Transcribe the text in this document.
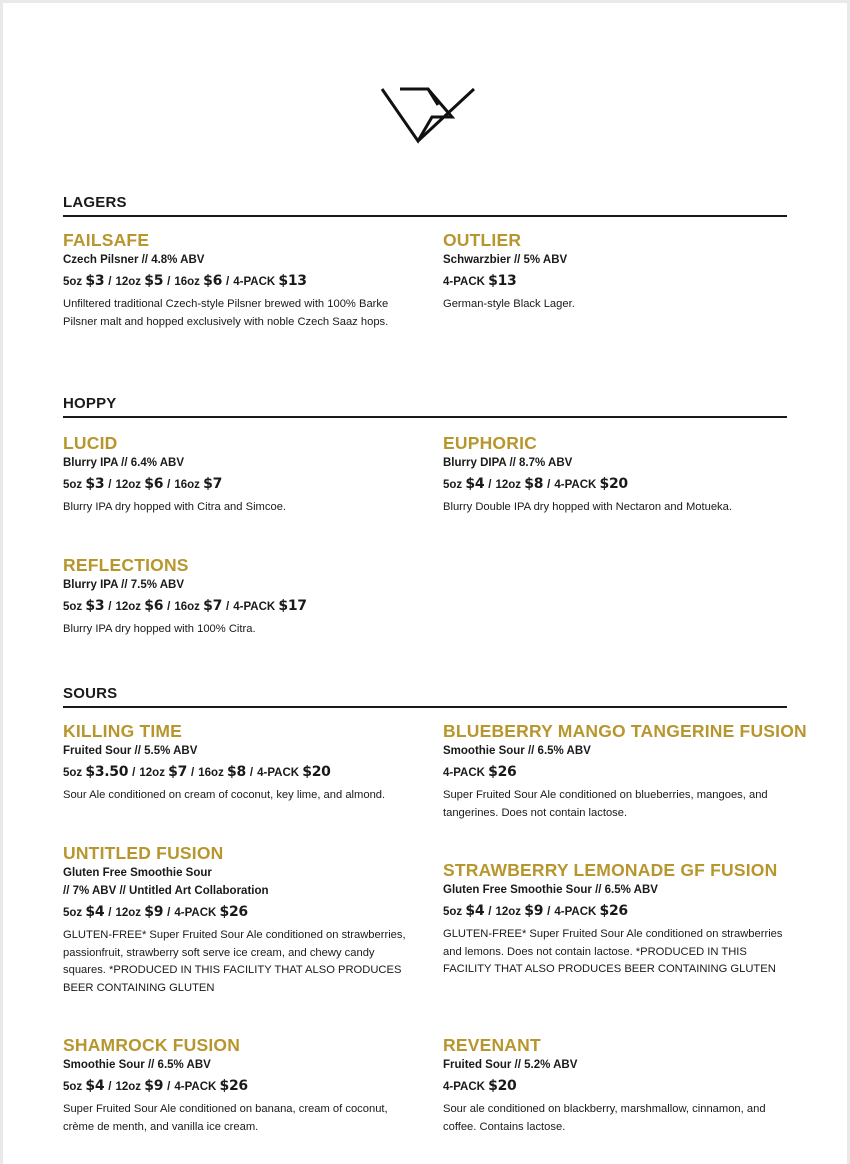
LAGERS
FAILSAFE
Czech Pilsner // 4.8% ABV
5oz $3 / 12oz $5 / 16oz $6 / 4-PACK $13
Unfiltered traditional Czech-style Pilsner brewed with 100% Barke Pilsner malt and hopped exclusively with noble Czech Saaz hops.
OUTLIER
Schwarzbier // 5% ABV
4-PACK $13
German-style Black Lager.
HOPPY
LUCID
Blurry IPA // 6.4% ABV
5oz $3 / 12oz $6 / 16oz $7
Blurry IPA dry hopped with Citra and Simcoe.
EUPHORIC
Blurry DIPA // 8.7% ABV
5oz $4 / 12oz $8 / 4-PACK $20
Blurry Double IPA dry hopped with Nectaron and Motueka.
REFLECTIONS
Blurry IPA // 7.5% ABV
5oz $3 / 12oz $6 / 16oz $7 / 4-PACK $17
Blurry IPA dry hopped with 100% Citra.
SOURS
KILLING TIME
Fruited Sour // 5.5% ABV
5oz $3.50 / 12oz $7 / 16oz $8 / 4-PACK $20
Sour Ale conditioned on cream of coconut, key lime, and almond.
BLUEBERRY MANGO TANGERINE FUSION
Smoothie Sour // 6.5% ABV
4-PACK $26
Super Fruited Sour Ale conditioned on blueberries, mangoes, and tangerines. Does not contain lactose.
UNTITLED FUSION
Gluten Free Smoothie Sour
// 7% ABV // Untitled Art Collaboration
5oz $4 / 12oz $9 / 4-PACK $26
GLUTEN-FREE* Super Fruited Sour Ale conditioned on strawberries, passionfruit, strawberry soft serve ice cream, and chewy candy squares. *PRODUCED IN THIS FACILITY THAT ALSO PRODUCES BEER CONTAINING GLUTEN
STRAWBERRY LEMONADE GF FUSION
Gluten Free Smoothie Sour // 6.5% ABV
5oz $4 / 12oz $9 / 4-PACK $26
GLUTEN-FREE* Super Fruited Sour Ale conditioned on strawberries and lemons. Does not contain lactose. *PRODUCED IN THIS FACILITY THAT ALSO PRODUCES BEER CONTAINING GLUTEN
SHAMROCK FUSION
Smoothie Sour // 6.5% ABV
5oz $4 / 12oz $9 / 4-PACK $26
Super Fruited Sour Ale conditioned on banana, cream of coconut, crème de menth, and vanilla ice cream.
REVENANT
Fruited Sour // 5.2% ABV
4-PACK $20
Sour ale conditioned on blackberry, marshmallow, cinnamon, and coffee. Contains lactose.
